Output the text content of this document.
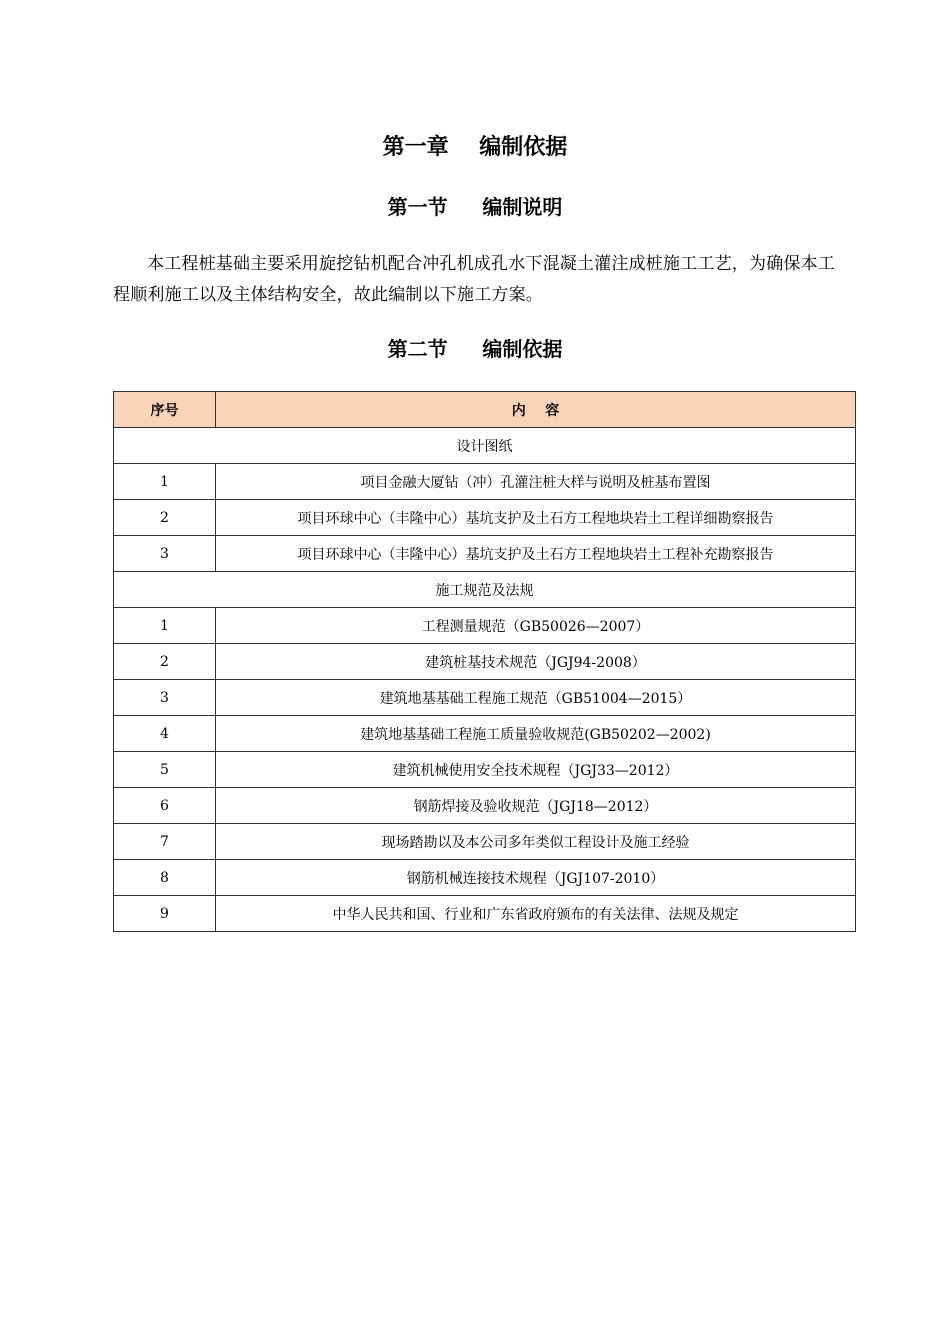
第一章    编制依据
第一节     编制说明
本工程桩基础主要采用旋挖钻机配合冲孔机成孔水下混凝土灌注成桩施工工艺，为确保本工程顺利施工以及主体结构安全，故此编制以下施工方案。
第二节     编制依据
序号	内    容
设计图纸	
1	项目金融大厦钻（冲）孔灌注桩大样与说明及桩基布置图
2	项目环球中心（丰隆中心）基坑支护及土石方工程地块岩土工程详细勘察报告
3	项目环球中心（丰隆中心）基坑支护及土石方工程地块岩土工程补充勘察报告
施工规范及法规	
1	工程测量规范（GB50026—2007）
2	建筑桩基技术规范（JGJ94-2008）
3	建筑地基基础工程施工规范（GB51004—2015）
4	建筑地基基础工程施工质量验收规范(GB50202—2002)
5	建筑机械使用安全技术规程（JGJ33—2012）
6	钢筋焊接及验收规范（JGJ18—2012）
7	现场踏勘以及本公司多年类似工程设计及施工经验
8	钢筋机械连接技术规程（JGJ107-2010）
9	中华人民共和国、行业和广东省政府颁布的有关法律、法规及规定
